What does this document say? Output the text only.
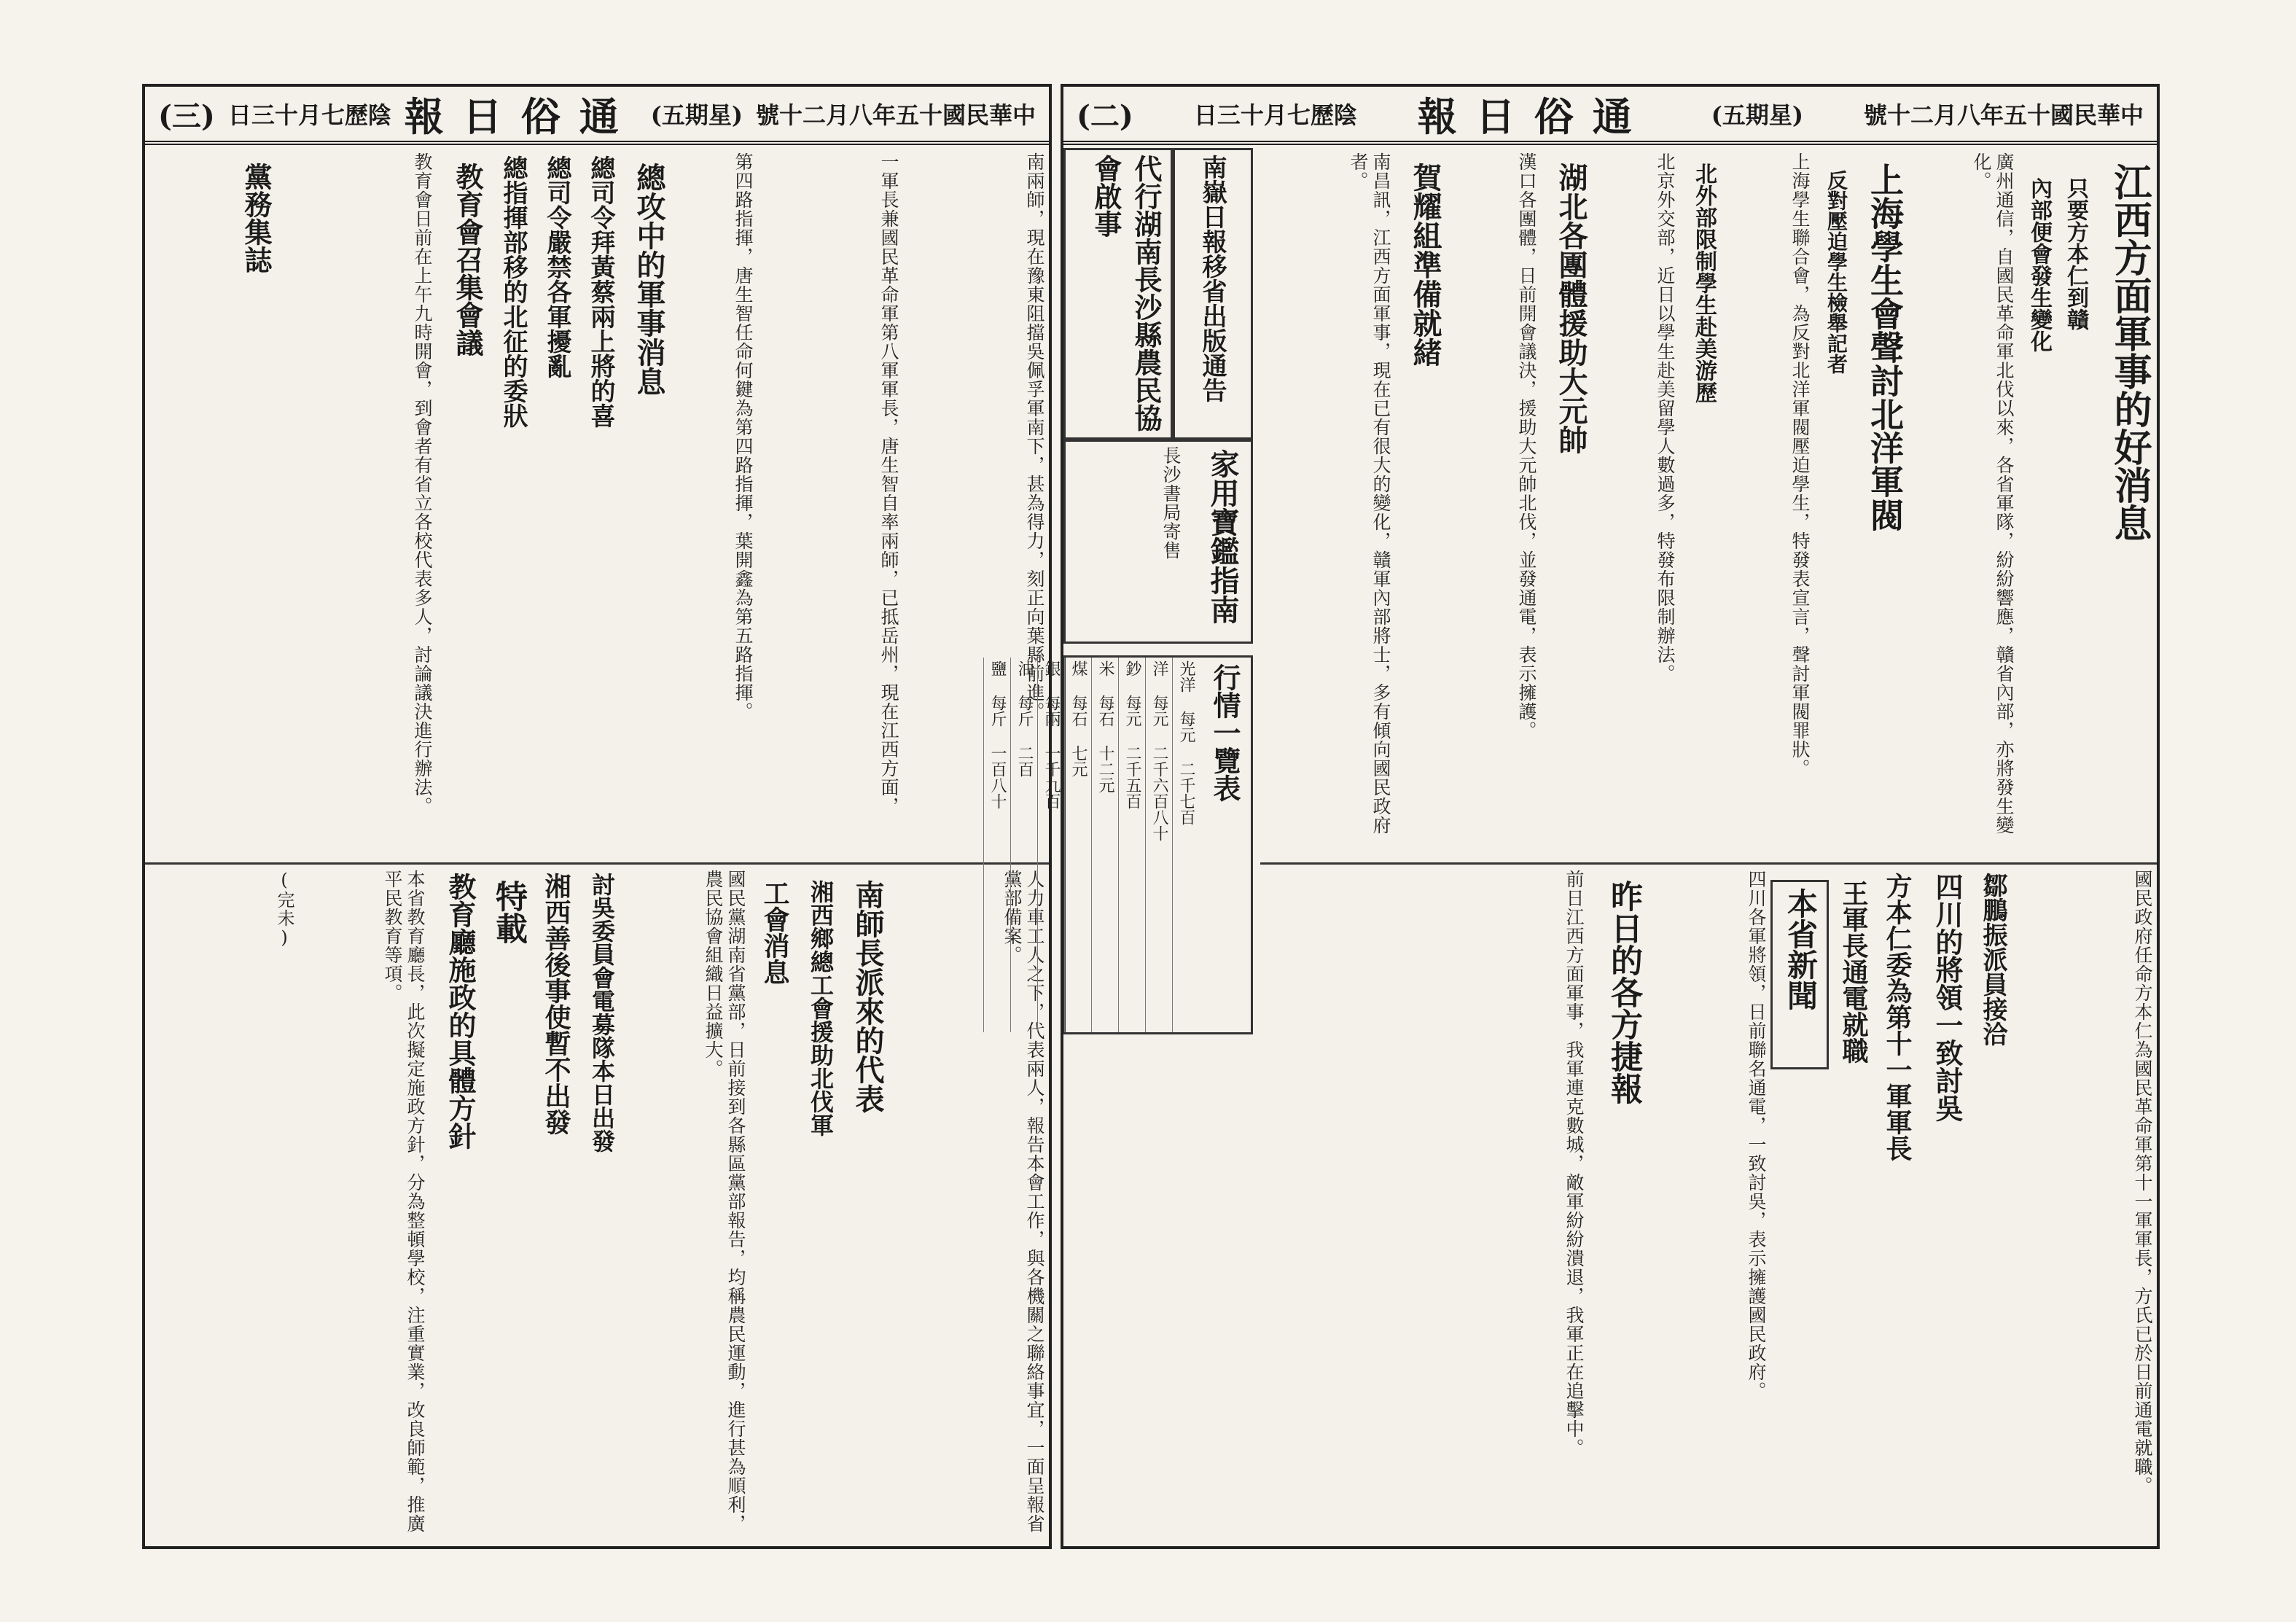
(三) 日三十月七歷陰 報日俗通 (五期星) 號十二月八年五十國民華中
南兩師，現在豫東阻擋吳佩孚軍南下，甚為得力，刻正向葉縣前進。
一軍長兼國民革命軍第八軍軍長，唐生智自率兩師，已抵岳州，現在江西方面，
第四路指揮，唐生智任命何鍵為第四路指揮，葉開鑫為第五路指揮。
總攻中的軍事消息
總司令拜黃蔡兩上將的喜
總司令嚴禁各軍擾亂
總指揮部移的北征的委狀
教育會召集會議
教育會日前在上午九時開會，到會者有省立各校代表多人，討論議決進行辦法。
黨務集誌
人力車工人之下，代表兩人，報告本會工作，與各機關之聯絡事宜，一面呈報省黨部備案。
南師長派來的代表
湘西鄉總工會援助北伐軍
工會消息
國民黨湖南省黨部，日前接到各縣區黨部報告，均稱農民運動，進行甚為順利，農民協會組織日益擴大。
討吳委員會電募隊本日出發
湘西善後事使暫不出發
特載
教育廳施政的具體方針
本省教育廳長，此次擬定施政方針，分為整頓學校，注重實業，改良師範，推廣平民教育等項。
(完未)
(二)	日三十月七歷陰 報日俗通	(五期星)	號十二月八年五十國民華中
代行湖南長沙縣農民協會啟事	南嶽日報移省出版通告
家用寶鑑指南
長沙書局寄售
行情一覽表
光洋 每元 二千七百
洋 每元 二千六百八十
鈔 每元 二千五百
米 每石 十二元
煤 每石 七元
銀 每兩 一千九百
油 每斤 二百
鹽 每斤 一百八十
江西方面軍事的好消息
只要方本仁到贛
內部便會發生變化
廣州通信，自國民革命軍北伐以來，各省軍隊，紛紛響應，贛省內部，亦將發生變化。
上海學生會聲討北洋軍閥
反對壓迫學生檢舉記者
上海學生聯合會，為反對北洋軍閥壓迫學生，特發表宣言，聲討軍閥罪狀。
北外部限制學生赴美游歷
北京外交部，近日以學生赴美留學人數過多，特發布限制辦法。
湖北各團體援助大元帥
漢口各團體，日前開會議決，援助大元帥北伐，並發通電，表示擁護。
賀耀組準備就緒
南昌訊，江西方面軍事，現在已有很大的變化，贛軍內部將士，多有傾向國民政府者。
國民政府任命方本仁為國民革命軍第十一軍軍長，方氏已於日前通電就職。
鄒鵬振派員接洽
四川的將領一致討吳
方本仁委為第十一軍軍長
王軍長通電就職
本省新聞
四川各軍將領，日前聯名通電，一致討吳，表示擁護國民政府。
昨日的各方捷報
前日江西方面軍事，我軍連克數城，敵軍紛紛潰退，我軍正在追擊中。
